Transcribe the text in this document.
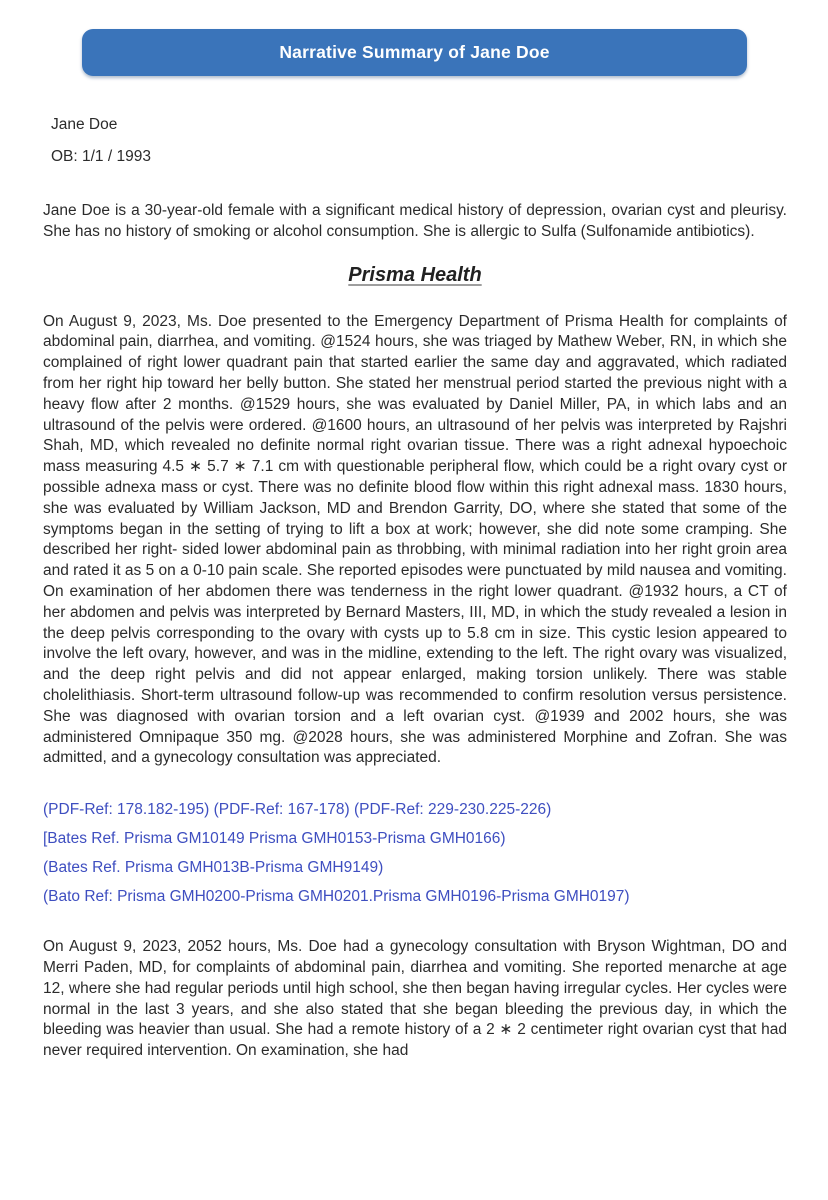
Narrative Summary of Jane Doe

Jane Doe

OB: 1/1 / 1993

Jane Doe is a 30-year-old female with a significant medical history of depression, ovarian cyst and pleurisy. She has no history of smoking or alcohol consumption. She is allergic to Sulfa (Sulfonamide antibiotics).

Prisma Health

On August 9, 2023, Ms. Doe presented to the Emergency Department of Prisma Health for complaints of abdominal pain, diarrhea, and vomiting. @1524 hours, she was triaged by Mathew Weber, RN, in which she complained of right lower quadrant pain that started earlier the same day and aggravated, which radiated from her right hip toward her belly button. She stated her menstrual period started the previous night with a heavy flow after 2 months. @1529 hours, she was evaluated by Daniel Miller, PA, in which labs and an ultrasound of the pelvis were ordered. @1600 hours, an ultrasound of her pelvis was interpreted by Rajshri Shah, MD, which revealed no definite normal right ovarian tissue. There was a right adnexal hypoechoic mass measuring 4.5 ∗ 5.7 ∗ 7.1 cm with questionable peripheral flow, which could be a right ovary cyst or possible adnexa mass or cyst. There was no definite blood flow within this right adnexal mass. 1830 hours, she was evaluated by William Jackson, MD and Brendon Garrity, DO, where she stated that some of the symptoms began in the setting of trying to lift a box at work; however, she did note some cramping. She described her right- sided lower abdominal pain as throbbing, with minimal radiation into her right groin area and rated it as 5 on a 0-10 pain scale. She reported episodes were punctuated by mild nausea and vomiting. On examination of her abdomen there was tenderness in the right lower quadrant. @1932 hours, a CT of her abdomen and pelvis was interpreted by Bernard Masters, III, MD, in which the study revealed a lesion in the deep pelvis corresponding to the ovary with cysts up to 5.8 cm in size. This cystic lesion appeared to involve the left ovary, however, and was in the midline, extending to the left. The right ovary was visualized, and the deep right pelvis and did not appear enlarged, making torsion unlikely. There was stable cholelithiasis. Short-term ultrasound follow-up was recommended to confirm resolution versus persistence. She was diagnosed with ovarian torsion and a left ovarian cyst. @1939 and 2002 hours, she was administered Omnipaque 350 mg. @2028 hours, she was administered Morphine and Zofran. She was admitted, and a gynecology consultation was appreciated.

(PDF-Ref: 178.182-195) (PDF-Ref: 167-178) (PDF-Ref: 229-230.225-226)

[Bates Ref. Prisma GM10149 Prisma GMH0153-Prisma GMH0166)

(Bates Ref. Prisma GMH013B-Prisma GMH9149)

(Bato Ref: Prisma GMH0200-Prisma GMH0201.Prisma GMH0196-Prisma GMH0197)

On August 9, 2023, 2052 hours, Ms. Doe had a gynecology consultation with Bryson Wightman, DO and Merri Paden, MD, for complaints of abdominal pain, diarrhea and vomiting. She reported menarche at age 12, where she had regular periods until high school, she then began having irregular cycles. Her cycles were normal in the last 3 years, and she also stated that she began bleeding the previous day, in which the bleeding was heavier than usual. She had a remote history of a 2 ∗ 2 centimeter right ovarian cyst that had never required intervention. On examination, she had
